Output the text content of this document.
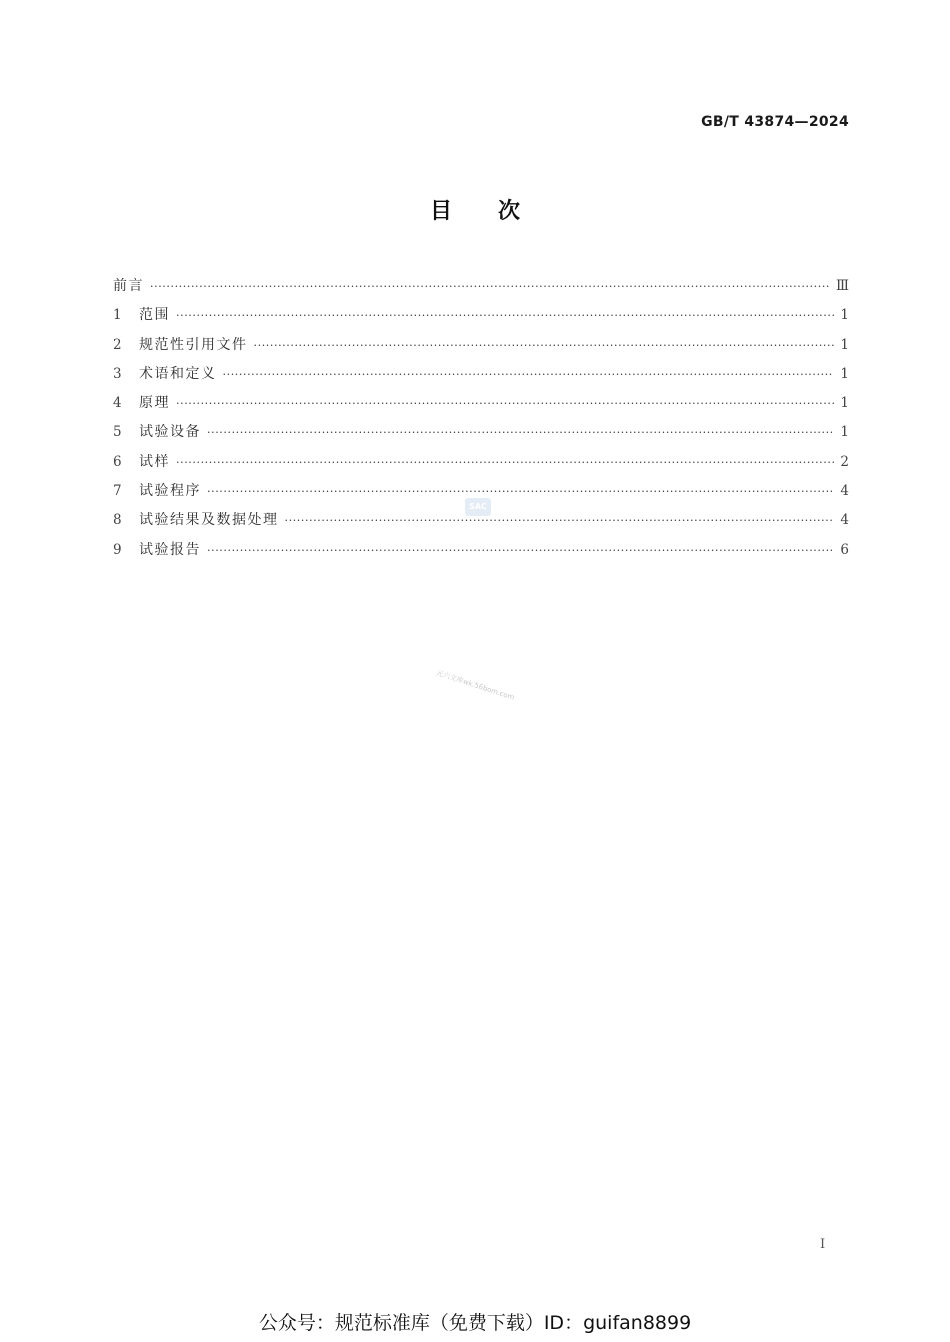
GB/T 43874—2024
目次
前言 ·····	Ⅲ
1	范围 ·····	1
2	规范性引用文件 ·····	1
3	术语和定义 ·····	1
4	原理 ·····	1
5	试验设备 ·····	1
6	试样 ·····	2
7	试验程序 ·····	4
8	试验结果及数据处理 ·····	4
9	试验报告 ·····	6
SAC
元六文库wk.56bom.com
I
公众号：规范标准库（免费下载）ID：guifan8899
